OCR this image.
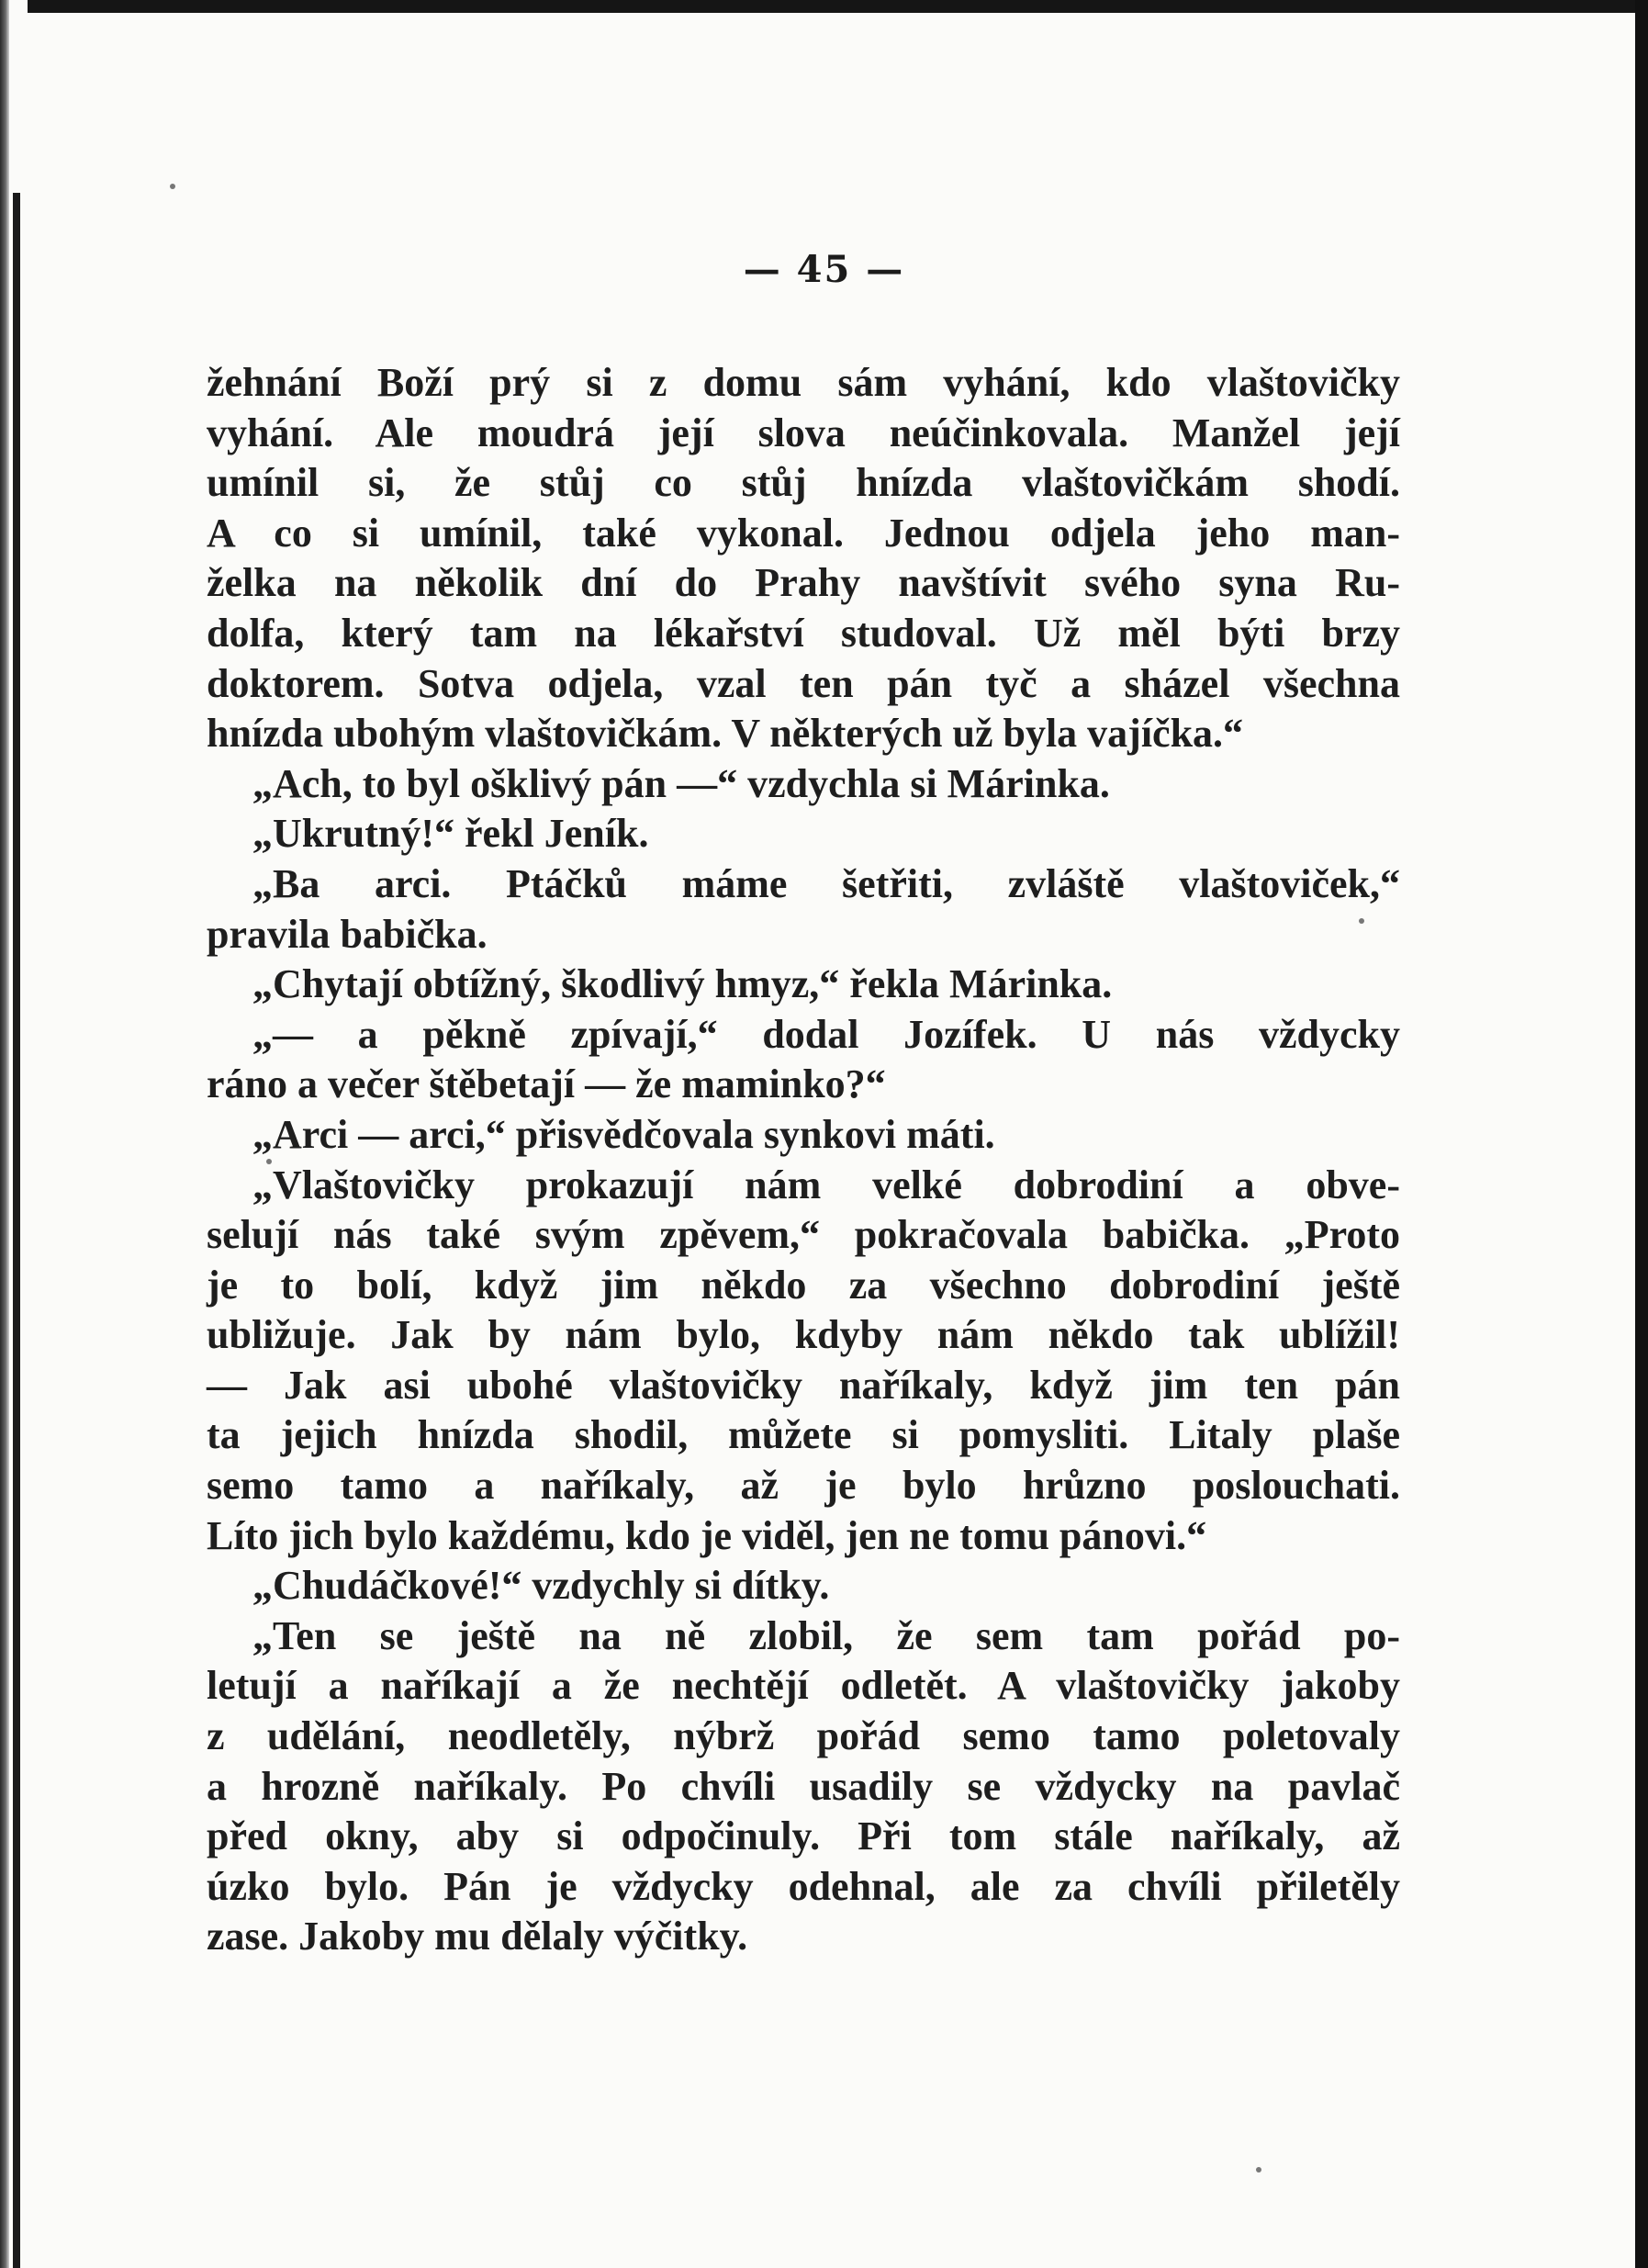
— 45 —
žehnání Boží prý si z domu sám vyhání, kdo vlaštovičky
vyhání. Ale moudrá její slova neúčinkovala. Manžel její
umínil si, že stůj co stůj hnízda vlaštovičkám shodí.
A co si umínil, také vykonal. Jednou odjela jeho man-
želka na několik dní do Prahy navštívit svého syna Ru-
dolfa, který tam na lékařství studoval. Už měl býti brzy
doktorem. Sotva odjela, vzal ten pán tyč a sházel všechna
hnízda ubohým vlaštovičkám. V některých už byla vajíčka.“
„Ach, to byl ošklivý pán —“ vzdychla si Márinka.
„Ukrutný!“ řekl Jeník.
„Ba arci. Ptáčků máme šetřiti, zvláště vlaštoviček,“
pravila babička.
„Chytají obtížný, škodlivý hmyz,“ řekla Márinka.
„— a pěkně zpívají,“ dodal Jozífek. U nás vždycky
ráno a večer štěbetají — že maminko?“
„Arci — arci,“ přisvědčovala synkovi máti.
„Vlaštovičky prokazují nám velké dobrodiní a obve-
selují nás také svým zpěvem,“ pokračovala babička. „Proto
je to bolí, když jim někdo za všechno dobrodiní ještě
ubližuje. Jak by nám bylo, kdyby nám někdo tak ublížil!
— Jak asi ubohé vlaštovičky naříkaly, když jim ten pán
ta jejich hnízda shodil, můžete si pomysliti. Litaly plaše
semo tamo a naříkaly, až je bylo hrůzno poslouchati.
Líto jich bylo každému, kdo je viděl, jen ne tomu pánovi.“
„Chudáčkové!“ vzdychly si dítky.
„Ten se ještě na ně zlobil, že sem tam pořád po-
letují a naříkají a že nechtějí odletět. A vlaštovičky jakoby
z udělání, neodletěly, nýbrž pořád semo tamo poletovaly
a hrozně naříkaly. Po chvíli usadily se vždycky na pavlač
před okny, aby si odpočinuly. Při tom stále naříkaly, až
úzko bylo. Pán je vždycky odehnal, ale za chvíli přiletěly
zase. Jakoby mu dělaly výčitky.
